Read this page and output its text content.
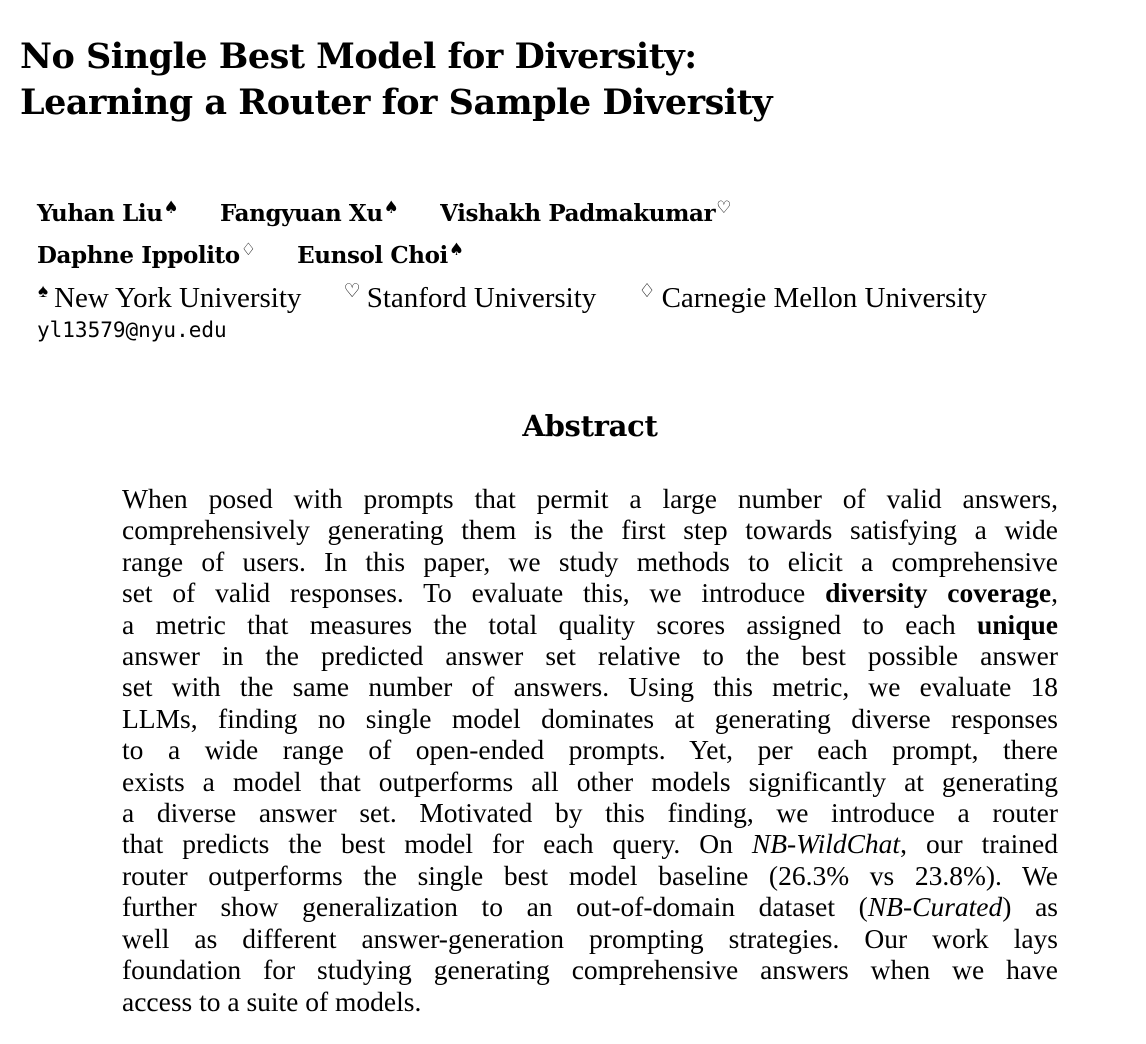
No Single Best Model for Diversity:
Learning a Router for Sample Diversity
Yuhan Liu♠ Fangyuan Xu♠ Vishakh Padmakumar♡
Daphne Ippolito♢ Eunsol Choi♠
♠ New York University ♡ Stanford University ♢ Carnegie Mellon University
yl13579@nyu.edu
Abstract
When posed with prompts that permit a large number of valid answers,
comprehensively generating them is the first step towards satisfying a wide
range of users. In this paper, we study methods to elicit a comprehensive
set of valid responses. To evaluate this, we introduce diversity coverage,
a metric that measures the total quality scores assigned to each unique
answer in the predicted answer set relative to the best possible answer
set with the same number of answers. Using this metric, we evaluate 18
LLMs, finding no single model dominates at generating diverse responses
to a wide range of open-ended prompts. Yet, per each prompt, there
exists a model that outperforms all other models significantly at generating
a diverse answer set. Motivated by this finding, we introduce a router
that predicts the best model for each query. On NB-WildChat, our trained
router outperforms the single best model baseline (26.3% vs 23.8%). We
further show generalization to an out-of-domain dataset (NB-Curated) as
well as different answer-generation prompting strategies. Our work lays
foundation for studying generating comprehensive answers when we have
access to a suite of models.
